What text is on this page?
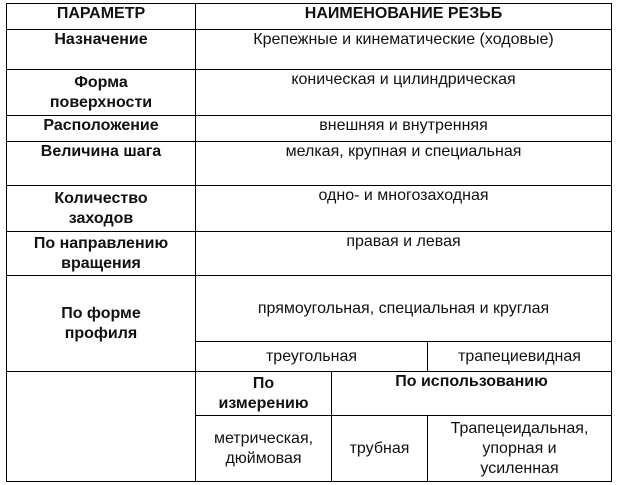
ПАРАМЕТР	НАИМЕНОВАНИЕ РЕЗЬБ		

Назначение	Крепежные и кинематические (ходовые)		

Форма
поверхности	коническая и цилиндрическая		

Расположение	внешняя и внутренняя		

Величина шага	мелкая, крупная и специальная		

Количество
заходов	одно- и многозаходная		

По направлению
вращения	правая и левая		

По форме
профиля	прямоугольная, специальная и круглая		
	треугольная		трапециевидная

	По
измерению	По использованию	

	метрическая,
дюймовая	трубная	Трапецеидальная,
упорная и
усиленная
